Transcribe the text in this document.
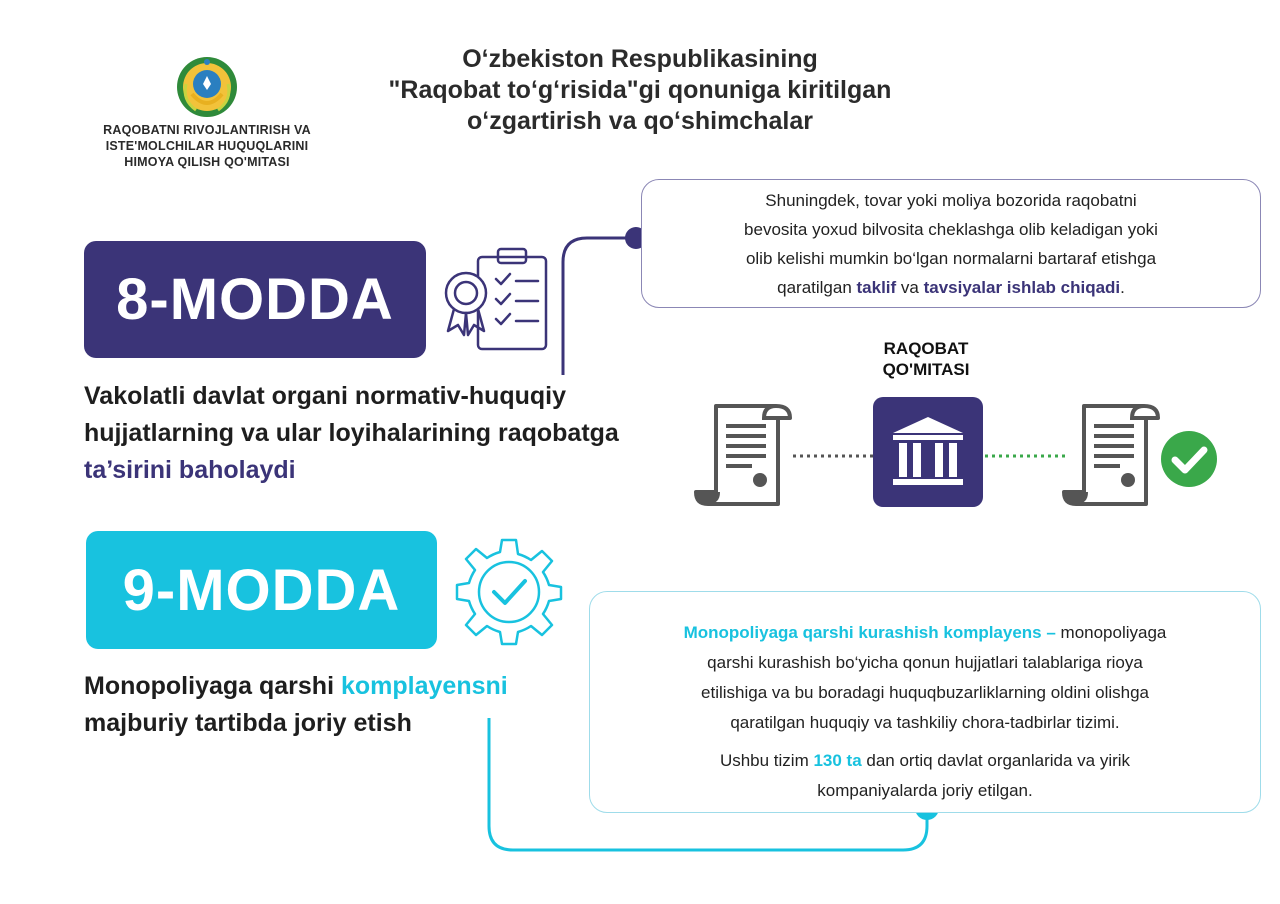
RAQOBATNI RIVOJLANTIRISH VA
ISTE'MOLCHILAR HUQUQLARINI
HIMOYA QILISH QO'MITASI
O‘zbekiston Respublikasining
"Raqobat to‘g‘risida"gi qonuniga kiritilgan
o‘zgartirish va qo‘shimchalar
8-MODDA
Vakolatli davlat organi normativ-huquqiy
hujjatlarning va ular loyihalarining raqobatga
ta’sirini baholaydi
Shuningdek, tovar yoki moliya bozorida raqobatni
bevosita yoxud bilvosita cheklashga olib keladigan yoki
olib kelishi mumkin bo‘lgan normalarni bartaraf etishga
qaratilgan taklif va tavsiyalar ishlab chiqadi.
RAQOBAT
QO'MITASI
9-MODDA
Monopoliyaga qarshi komplayensni
majburiy tartibda joriy etish
Monopoliyaga qarshi kurashish komplayens – monopoliyaga
qarshi kurashish bo‘yicha qonun hujjatlari talablariga rioya
etilishiga va bu boradagi huquqbuzarliklarning oldini olishga
qaratilgan huquqiy va tashkiliy chora-tadbirlar tizimi.
Ushbu tizim 130 ta dan ortiq davlat organlarida va yirik
kompaniyalarda joriy etilgan.
